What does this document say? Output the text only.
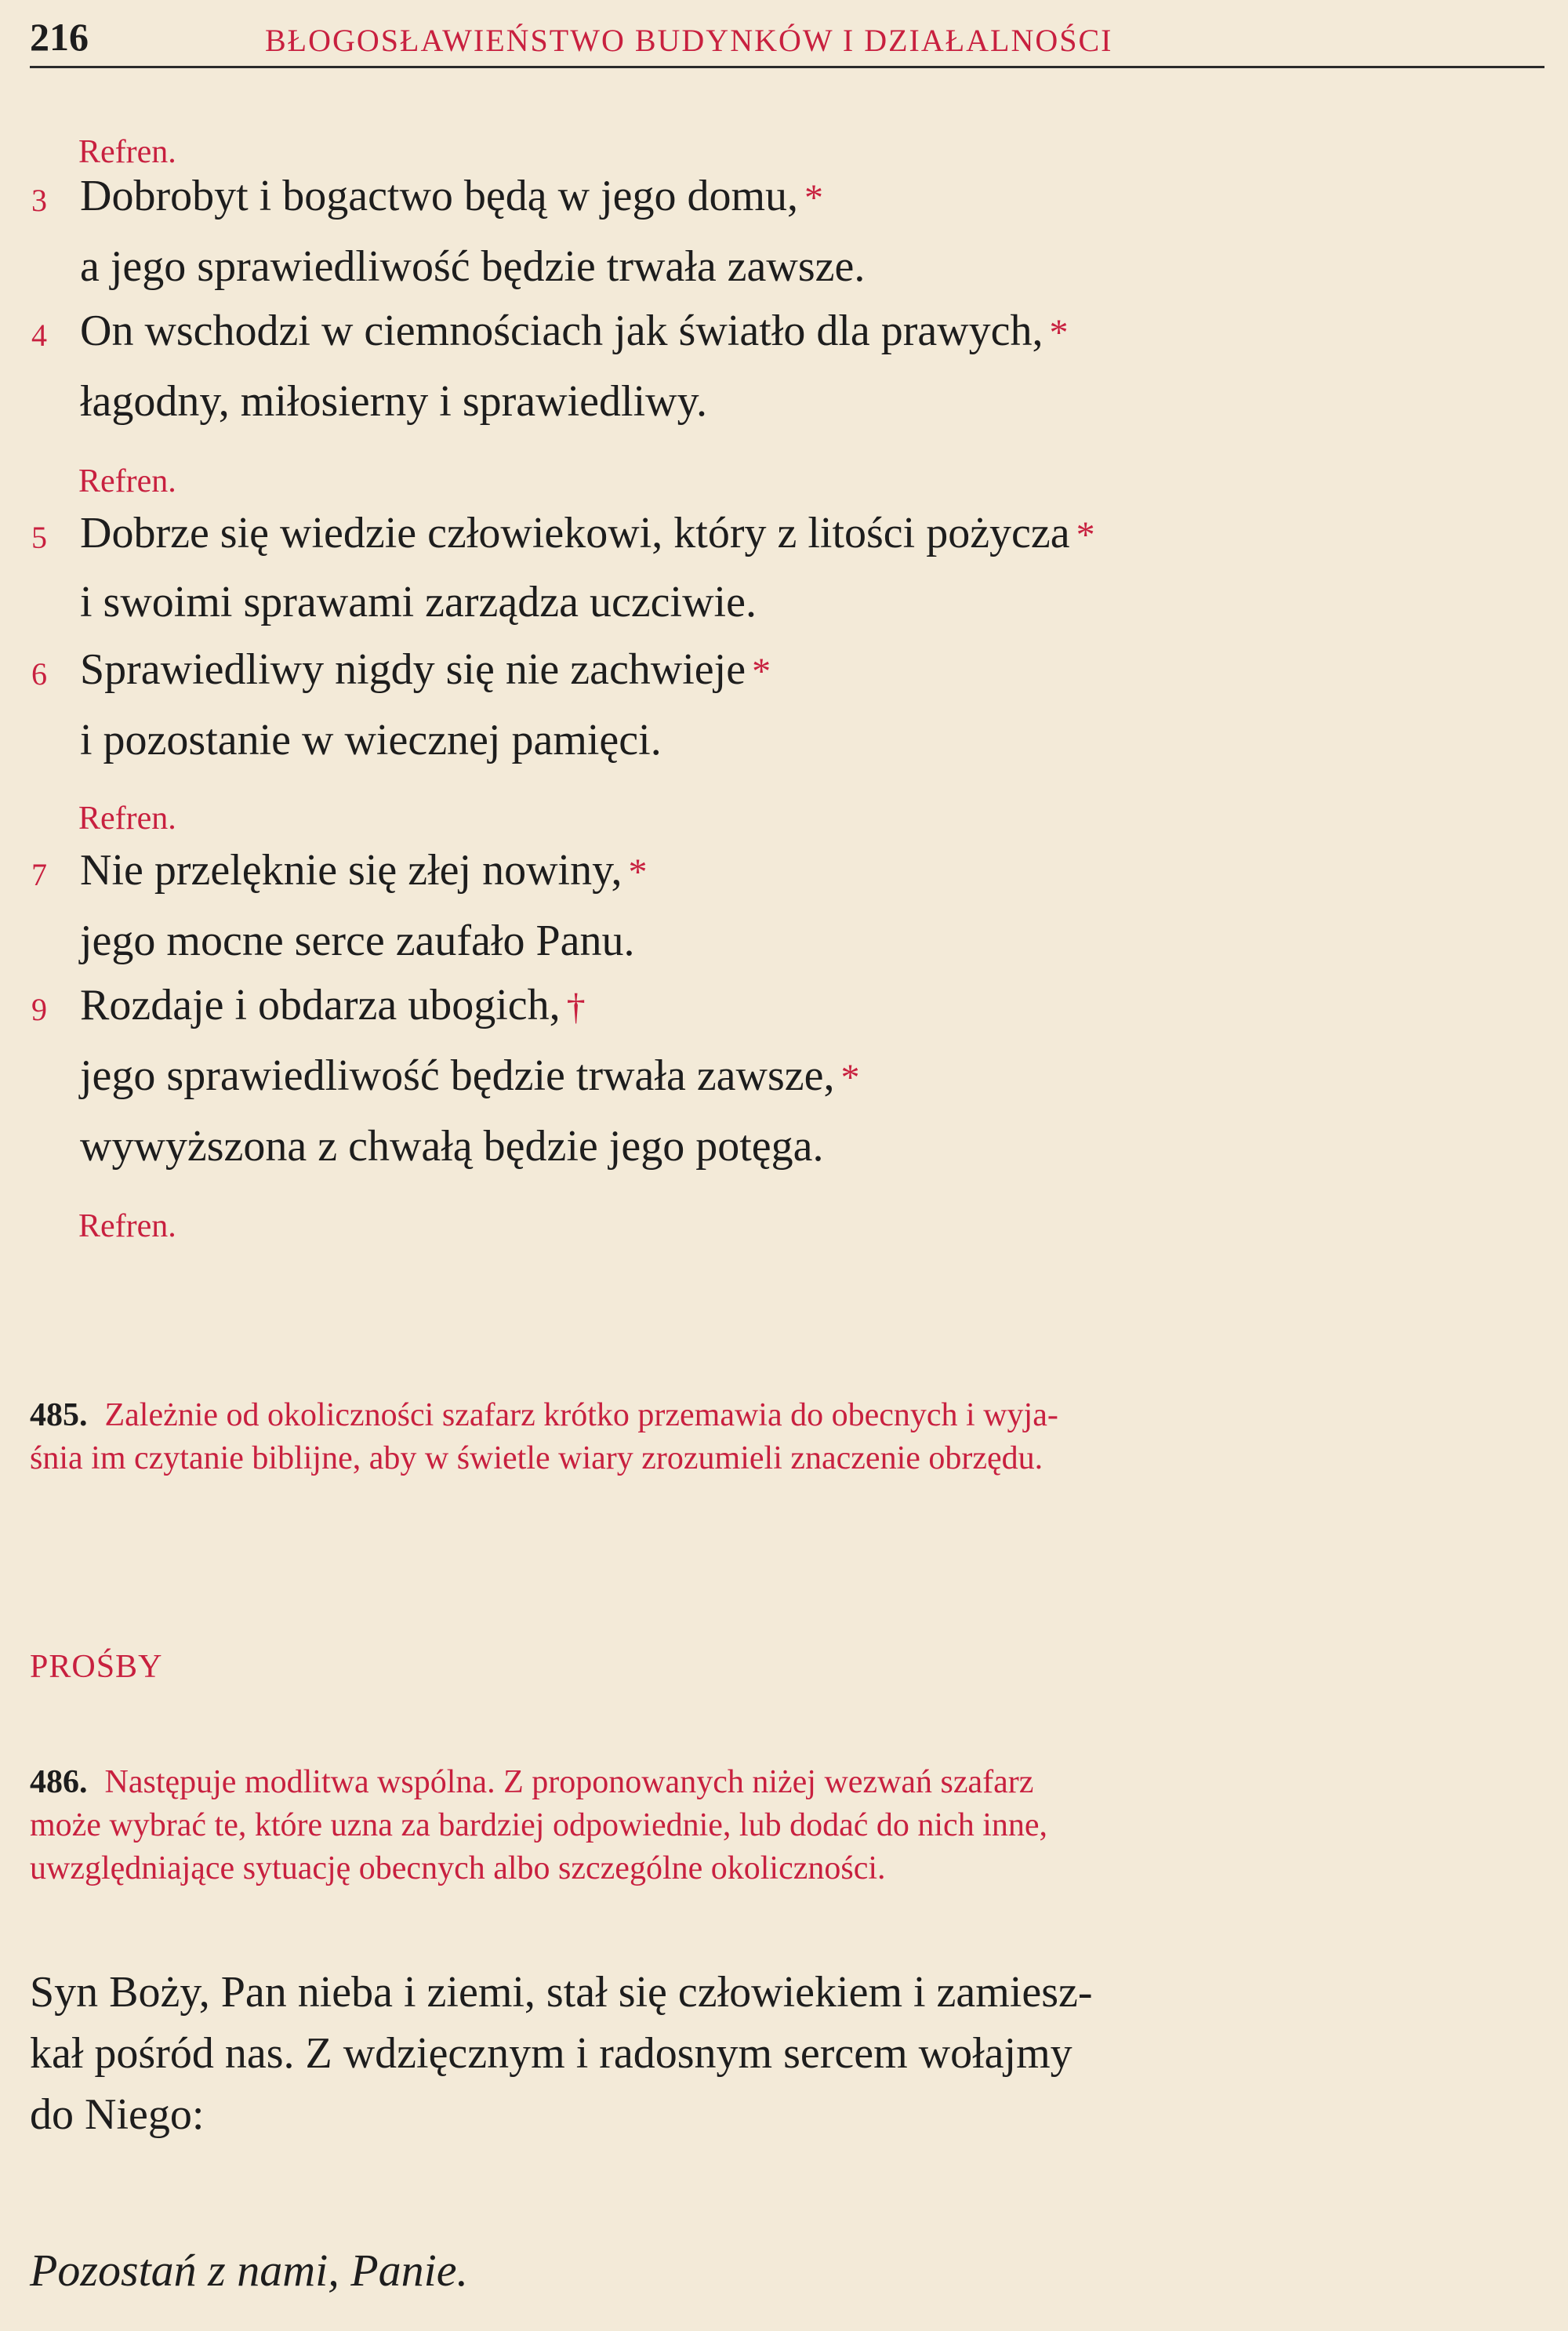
216	BŁOGOSŁAWIEŃSTWO BUDYNKÓW I DZIAŁALNOŚCI
Refren.
3 Dobrobyt i bogactwo będą w jego domu, *
a jego sprawiedliwość będzie trwała zawsze.
4 On wschodzi w ciemnościach jak światło dla prawych, *
łagodny, miłosierny i sprawiedliwy.
Refren.
5 Dobrze się wiedzie człowiekowi, który z litości pożycza *
i swoimi sprawami zarządza uczciwie.
6 Sprawiedliwy nigdy się nie zachwieje *
i pozostanie w wiecznej pamięci.
Refren.
7 Nie przelęknie się złej nowiny, *
jego mocne serce zaufało Panu.
9 Rozdaje i obdarza ubogich, †
jego sprawiedliwość będzie trwała zawsze, *
wywyższona z chwałą będzie jego potęga.
Refren.
485. Zależnie od okoliczności szafarz krótko przemawia do obecnych i wyja-
śnia im czytanie biblijne, aby w świetle wiary zrozumieli znaczenie obrzędu.
PROŚBY
486. Następuje modlitwa wspólna. Z proponowanych niżej wezwań szafarz
może wybrać te, które uzna za bardziej odpowiednie, lub dodać do nich inne,
uwzględniające sytuację obecnych albo szczególne okoliczności.
Syn Boży, Pan nieba i ziemi, stał się człowiekiem i zamiesz-
kał pośród nas. Z wdzięcznym i radosnym sercem wołajmy
do Niego:
Pozostań z nami, Panie.
